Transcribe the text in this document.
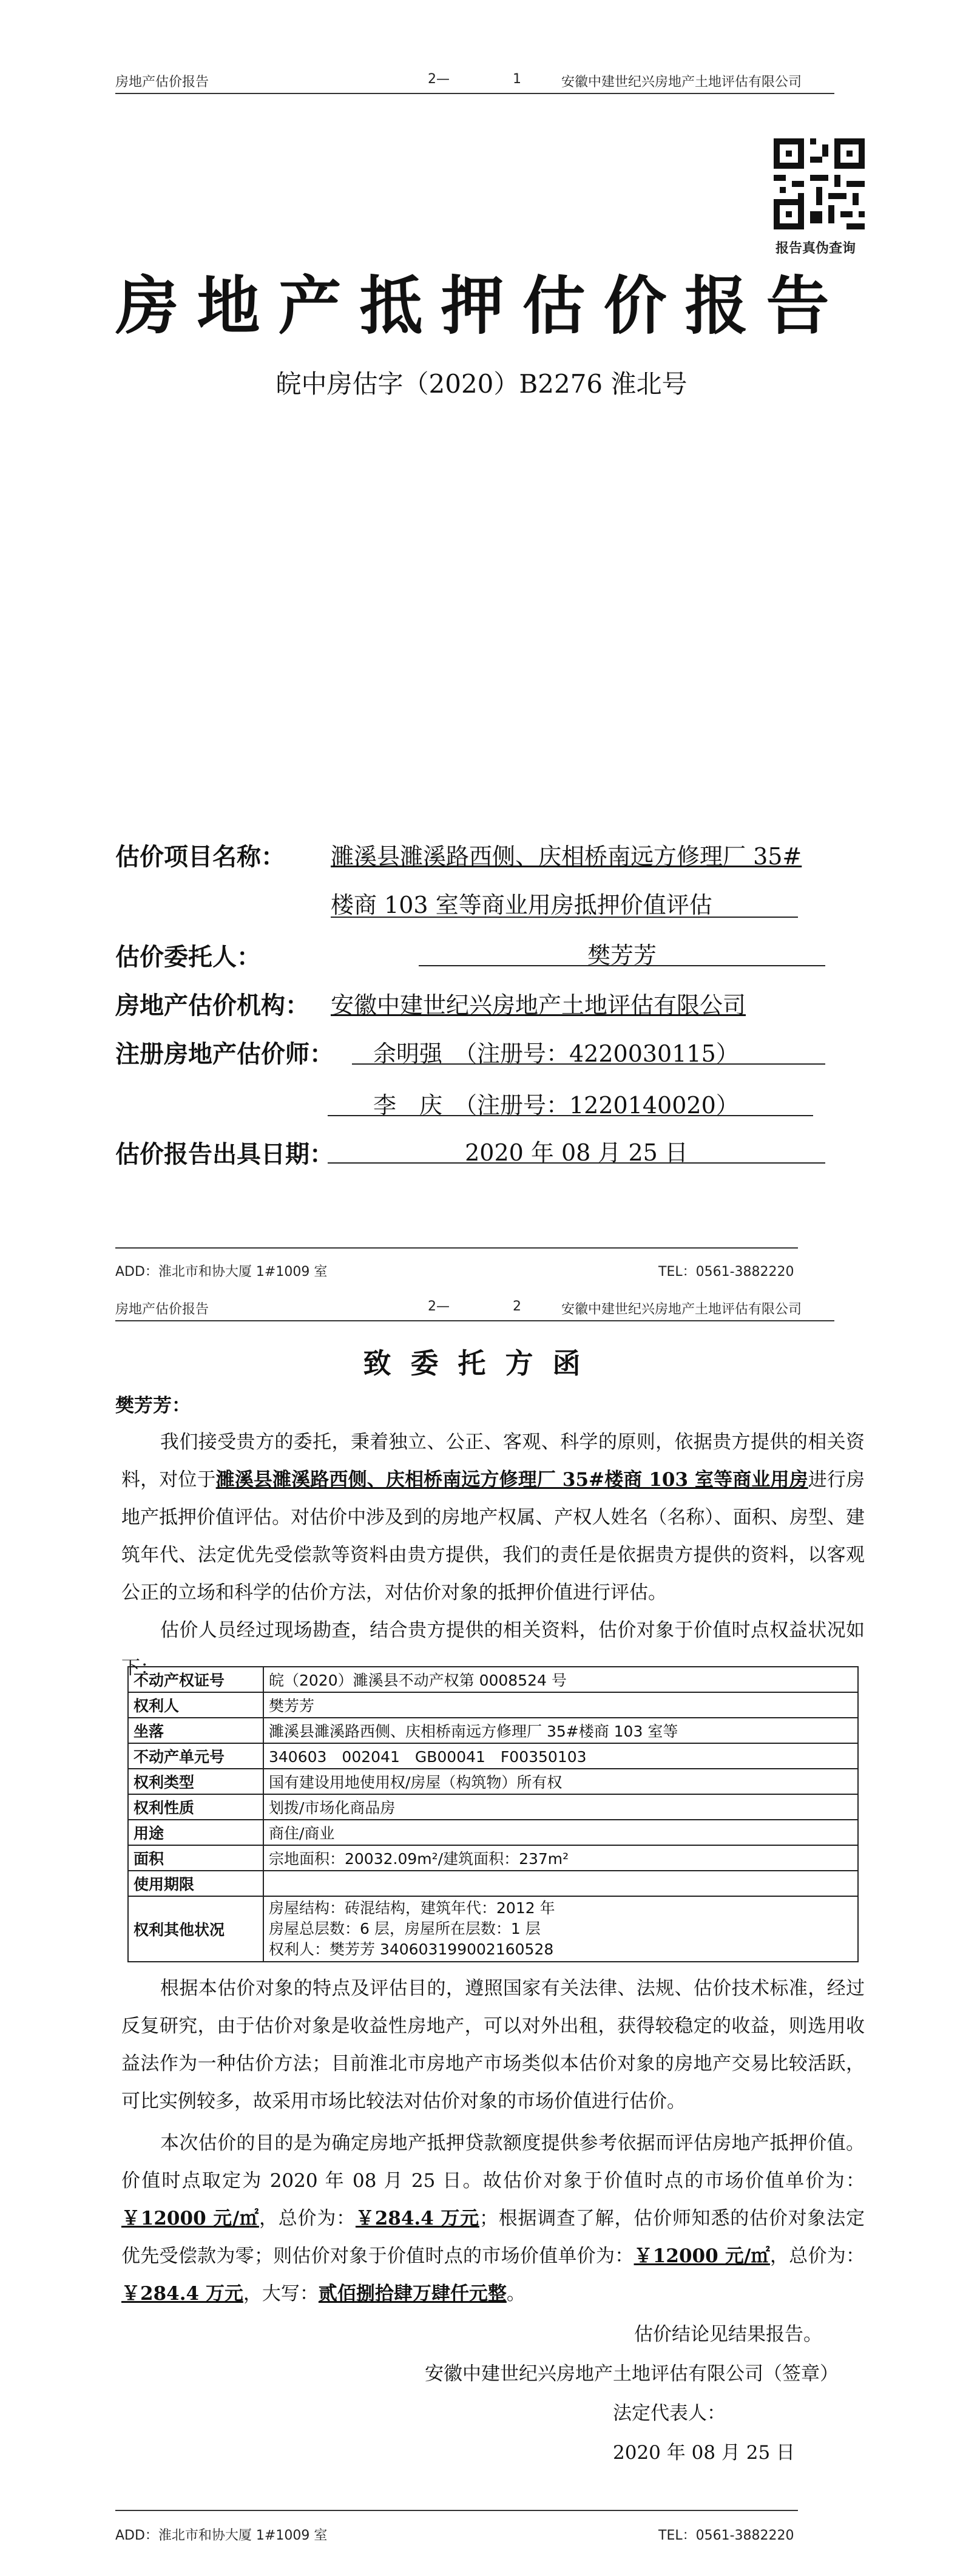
房地产估价报告	2—	1	安徽中建世纪兴房地产土地评估有限公司
报告真伪查询
房地产抵押估价报告
皖中房估字（2020）B2276 淮北号
估价项目名称： 濉溪县濉溪路西侧、庆相桥南远方修理厂 35#
楼商 103 室等商业用房抵押价值评估
估价委托人：	樊芳芳
房地产估价机构： 安徽中建世纪兴房地产土地评估有限公司
注册房地产估价师： 余明强　（注册号：4220030115）
李　庆　（注册号：1220140020）
估价报告出具日期：	2020 年 08 月 25 日
ADD：淮北市和协大厦 1#1009 室	TEL：0561-3882220
房地产估价报告	2—	2	安徽中建世纪兴房地产土地评估有限公司
致委托方函
樊芳芳：
我们接受贵方的委托，秉着独立、公正、客观、科学的原则，依据贵方提供的相关资料，对位于濉溪县濉溪路西侧、庆相桥南远方修理厂 35#楼商 103 室等商业用房进行房地产抵押价值评估。对估价中涉及到的房地产权属、产权人姓名（名称）、面积、房型、建筑年代、法定优先受偿款等资料由贵方提供，我们的责任是依据贵方提供的资料，以客观公正的立场和科学的估价方法，对估价对象的抵押价值进行评估。
估价人员经过现场勘查，结合贵方提供的相关资料，估价对象于价值时点权益状况如下：
不动产权证号	皖（2020）濉溪县不动产权第 0008524 号
权利人	樊芳芳
坐落	濉溪县濉溪路西侧、庆相桥南远方修理厂 35#楼商 103 室等
不动产单元号	340603　002041　GB00041　F00350103
权利类型	国有建设用地使用权/房屋（构筑物）所有权
权利性质	划拨/市场化商品房
用途	商住/商业
面积	宗地面积：20032.09m²/建筑面积：237m²
使用期限	
权利其他状况	房屋结构：砖混结构，建筑年代：2012 年
房屋总层数：6 层，房屋所在层数：1 层
权利人：樊芳芳 340603199002160528
根据本估价对象的特点及评估目的，遵照国家有关法律、法规、估价技术标准，经过反复研究，由于估价对象是收益性房地产，可以对外出租，获得较稳定的收益，则选用收益法作为一种估价方法；目前淮北市房地产市场类似本估价对象的房地产交易比较活跃，可比实例较多，故采用市场比较法对估价对象的市场价值进行估价。
本次估价的目的是为确定房地产抵押贷款额度提供参考依据而评估房地产抵押价值。价值时点取定为 2020 年 08 月 25 日。故估价对象于价值时点的市场价值单价为：￥12000 元/㎡，总价为：￥284.4 万元；根据调查了解，估价师知悉的估价对象法定优先受偿款为零；则估价对象于价值时点的市场价值单价为：￥12000 元/㎡，总价为：￥284.4 万元，大写：贰佰捌拾肆万肆仟元整。
估价结论见结果报告。
安徽中建世纪兴房地产土地评估有限公司（签章）
法定代表人：
2020 年 08 月 25 日
ADD：淮北市和协大厦 1#1009 室	TEL：0561-3882220
